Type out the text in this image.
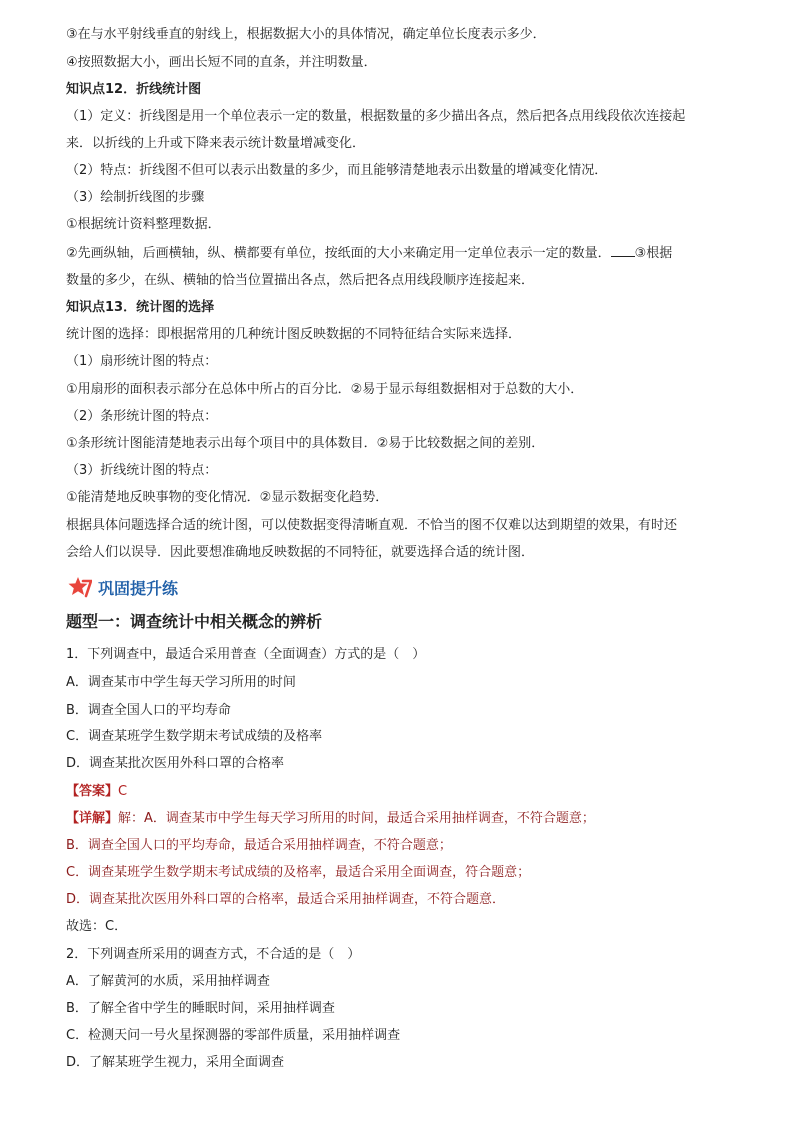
③在与水平射线垂直的射线上，根据数据大小的具体情况，确定单位长度表示多少．

④按照数据大小，画出长短不同的直条，并注明数量．

知识点12．折线统计图

（1）定义：折线图是用一个单位表示一定的数量，根据数量的多少描出各点，然后把各点用线段依次连接起

来．以折线的上升或下降来表示统计数量增减变化．

（2）特点：折线图不但可以表示出数量的多少，而且能够清楚地表示出数量的增减变化情况．

（3）绘制折线图的步骤

①根据统计资料整理数据．

②先画纵轴，后画横轴，纵、横都要有单位，按纸面的大小来确定用一定单位表示一定的数量． ③根据

数量的多少，在纵、横轴的恰当位置描出各点，然后把各点用线段顺序连接起来．

知识点13．统计图的选择

统计图的选择：即根据常用的几种统计图反映数据的不同特征结合实际来选择．

（1）扇形统计图的特点：

①用扇形的面积表示部分在总体中所占的百分比．②易于显示每组数据相对于总数的大小．

（2）条形统计图的特点：

①条形统计图能清楚地表示出每个项目中的具体数目．②易于比较数据之间的差别．

（3）折线统计图的特点：

①能清楚地反映事物的变化情况．②显示数据变化趋势．

根据具体问题选择合适的统计图，可以使数据变得清晰直观．不恰当的图不仅难以达到期望的效果，有时还

会给人们以误导．因此要想准确地反映数据的不同特征，就要选择合适的统计图．

巩固提升练
题型一：调查统计中相关概念的辨析

1．下列调查中，最适合采用普查（全面调查）方式的是（　）

A．调查某市中学生每天学习所用的时间

B．调查全国人口的平均寿命

C．调查某班学生数学期末考试成绩的及格率

D．调查某批次医用外科口罩的合格率

【答案】C

【详解】解：A．调查某市中学生每天学习所用的时间，最适合采用抽样调查，不符合题意；

B．调查全国人口的平均寿命，最适合采用抽样调查，不符合题意；

C．调查某班学生数学期末考试成绩的及格率，最适合采用全面调查，符合题意；

D．调查某批次医用外科口罩的合格率，最适合采用抽样调查，不符合题意．

故选：C．

2．下列调查所采用的调查方式，不合适的是（　）

A．了解黄河的水质，采用抽样调查

B．了解全省中学生的睡眠时间，采用抽样调查

C．检测天问一号火星探测器的零部件质量，采用抽样调查

D．了解某班学生视力，采用全面调查
